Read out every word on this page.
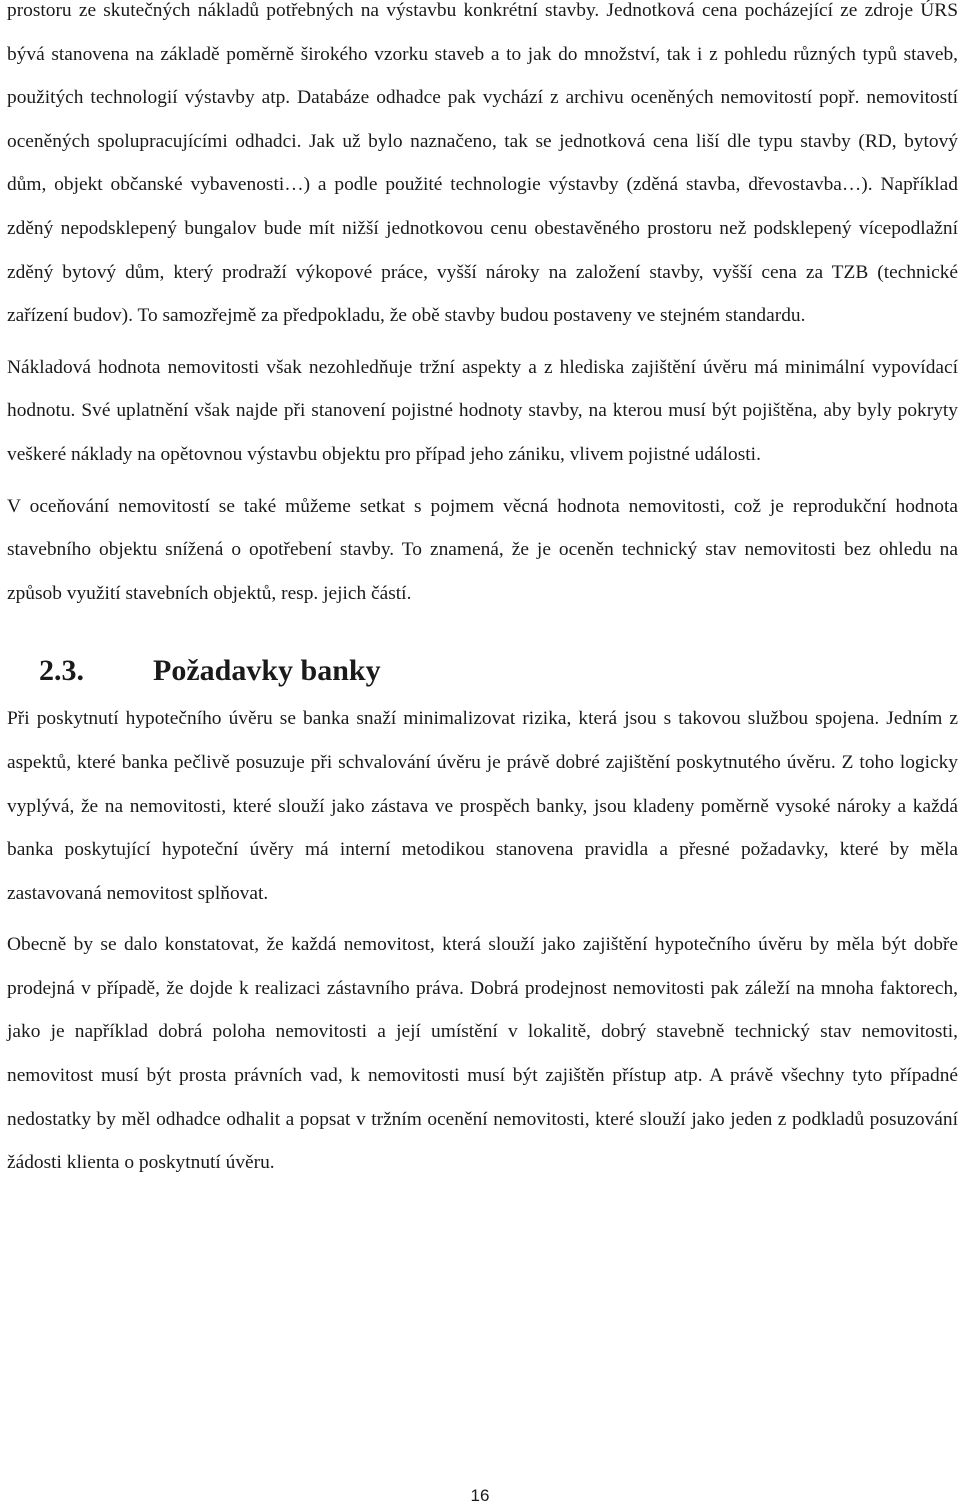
prostoru ze skutečných nákladů potřebných na výstavbu konkrétní stavby. Jednotková cena pocházející ze zdroje ÚRS bývá stanovena na základě poměrně širokého vzorku staveb a to jak do množství, tak i z pohledu různých typů staveb, použitých technologií výstavby atp. Databáze odhadce pak vychází z archivu oceněných nemovitostí popř. nemovitostí oceněných spolupracujícími odhadci. Jak už bylo naznačeno, tak se jednotková cena liší dle typu stavby (RD, bytový dům, objekt občanské vybavenosti…) a podle použité technologie výstavby (zděná stavba, dřevostavba…). Například zděný nepodsklepený bungalov bude mít nižší jednotkovou cenu obestavěného prostoru než podsklepený vícepodlažní zděný bytový dům, který prodraží výkopové práce, vyšší nároky na založení stavby, vyšší cena za TZB (technické zařízení budov). To samozřejmě za předpokladu, že obě stavby budou postaveny ve stejném standardu.

Nákladová hodnota nemovitosti však nezohledňuje tržní aspekty a z hlediska zajištění úvěru má minimální vypovídací hodnotu. Své uplatnění však najde při stanovení pojistné hodnoty stavby, na kterou musí být pojištěna, aby byly pokryty veškeré náklady na opětovnou výstavbu objektu pro případ jeho zániku, vlivem pojistné události.

V oceňování nemovitostí se také můžeme setkat s pojmem věcná hodnota nemovitosti, což je reprodukční hodnota stavebního objektu snížená o opotřebení stavby. To znamená, že je oceněn technický stav nemovitosti bez ohledu na způsob využití stavebních objektů, resp. jejich částí.

2.3.	Požadavky banky

Při poskytnutí hypotečního úvěru se banka snaží minimalizovat rizika, která jsou s takovou službou spojena. Jedním z aspektů, které banka pečlivě posuzuje při schvalování úvěru je právě dobré zajištění poskytnutého úvěru. Z toho logicky vyplývá, že na nemovitosti, které slouží jako zástava ve prospěch banky, jsou kladeny poměrně vysoké nároky a každá banka poskytující hypoteční úvěry má interní metodikou stanovena pravidla a přesné požadavky, které by měla zastavovaná nemovitost splňovat.

Obecně by se dalo konstatovat, že každá nemovitost, která slouží jako zajištění hypotečního úvěru by měla být dobře prodejná v případě, že dojde k realizaci zástavního práva. Dobrá prodejnost nemovitosti pak záleží na mnoha faktorech, jako je například dobrá poloha nemovitosti a její umístění v lokalitě, dobrý stavebně technický stav nemovitosti, nemovitost musí být prosta právních vad, k nemovitosti musí být zajištěn přístup atp. A právě všechny tyto případné nedostatky by měl odhadce odhalit a popsat v tržním ocenění nemovitosti, které slouží jako jeden z podkladů posuzování žádosti klienta o poskytnutí úvěru.

16
